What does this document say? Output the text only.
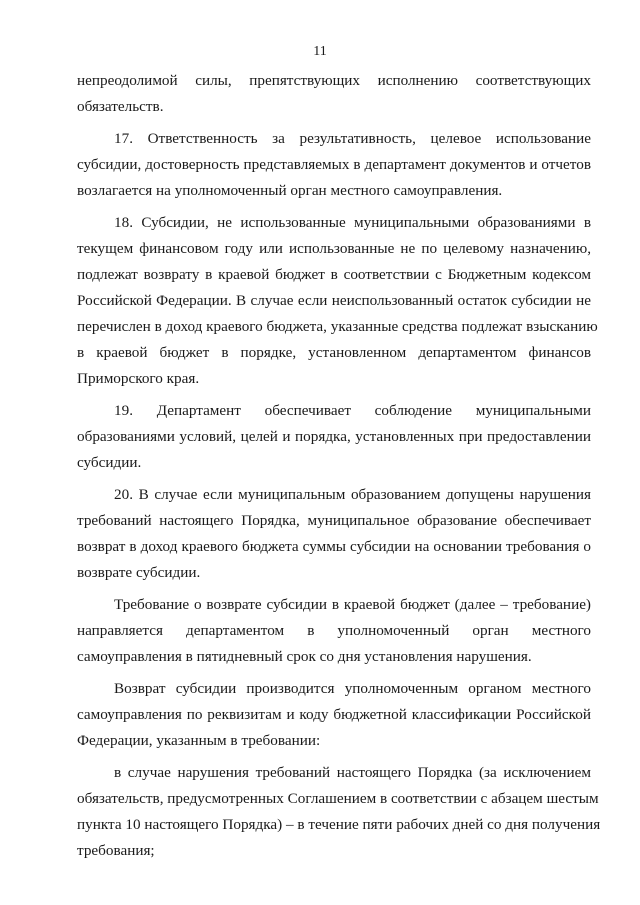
11
непреодолимой силы, препятствующих исполнению соответствующих
обязательств.
17. Ответственность за результативность, целевое использование
субсидии, достоверность представляемых в департамент документов и отчетов
возлагается на уполномоченный орган местного самоуправления.
18. Субсидии, не использованные муниципальными образованиями в
текущем финансовом году или использованные не по целевому назначению,
подлежат возврату в краевой бюджет в соответствии с Бюджетным кодексом
Российской Федерации. В случае если неиспользованный остаток субсидии не
перечислен в доход краевого бюджета, указанные средства подлежат взысканию
в краевой бюджет в порядке, установленном департаментом финансов
Приморского края.
19. Департамент обеспечивает соблюдение муниципальными
образованиями условий, целей и порядка, установленных при предоставлении
субсидии.
20. В случае если муниципальным образованием допущены нарушения
требований настоящего Порядка, муниципальное образование обеспечивает
возврат в доход краевого бюджета суммы субсидии на основании требования о
возврате субсидии.
Требование о возврате субсидии в краевой бюджет (далее – требование)
направляется департаментом в уполномоченный орган местного
самоуправления в пятидневный срок со дня установления нарушения.
Возврат субсидии производится уполномоченным органом местного
самоуправления по реквизитам и коду бюджетной классификации Российской
Федерации, указанным в требовании:
в случае нарушения требований настоящего Порядка (за исключением
обязательств, предусмотренных Соглашением в соответствии с абзацем шестым
пункта 10 настоящего Порядка) – в течение пяти рабочих дней со дня получения
требования;
